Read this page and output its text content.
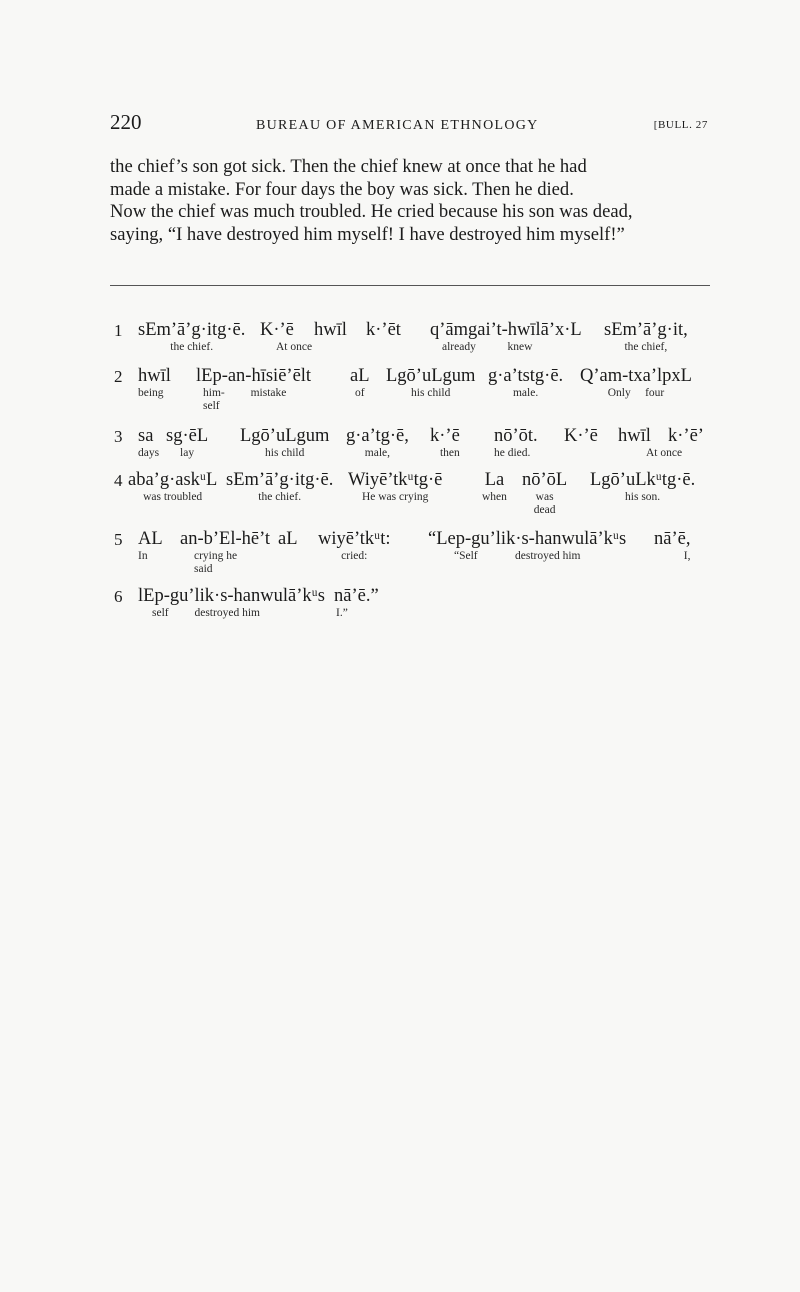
220	BUREAU OF AMERICAN ETHNOLOGY	[BULL. 27

the chief’s son got sick. Then the chief knew at once that he had
made a mistake. For four days the boy was sick. Then he died.
Now the chief was much troubled. He cried because his son was dead,
saying, “I have destroyed him myself! I have destroyed him myself!”

1 sEm’ā’g·itg·ē.
the chief.
K·’ē hwīl
At once
k·’ēt q’āmgai’t-hwīlā’x·L
already           knew
sEm’ā’g·it,
the chief,
2 hwīl
being
lEp-an-hīsiē’ēlt
him-         mistake
self
aL
of
Lgō’uLgum
his child
g·a’tstg·ē.
male.
Q’am-txa’lpxL
Only     four
3 sa
days
sg·ēL
lay
Lgō’uLgum
his child
g·a’tg·ē,
male,
k·’ē
then
nō’ōt.
he died.
K·’ē hwīl
At once
k·’ē’
4 aba’g·askᵘL
was troubled
sEm’ā’g·itg·ē.
the chief.
Wiyē’tkᵘtg·ē
He was crying
La
when
nō’ōL
was
dead
Lgō’uLkᵘtg·ē.
his son.
5 AL
In
an-b’El-hē’t
crying he
said
aL wiyē’tkᵘt:
cried:
“Lep-gu’lik·s-hanwulā’kᵘs
“Self             destroyed him
nā’ē,
I,
6 lEp-gu’lik·s-hanwulā’kᵘs
self         destroyed him
nā’ē.”
I.”
